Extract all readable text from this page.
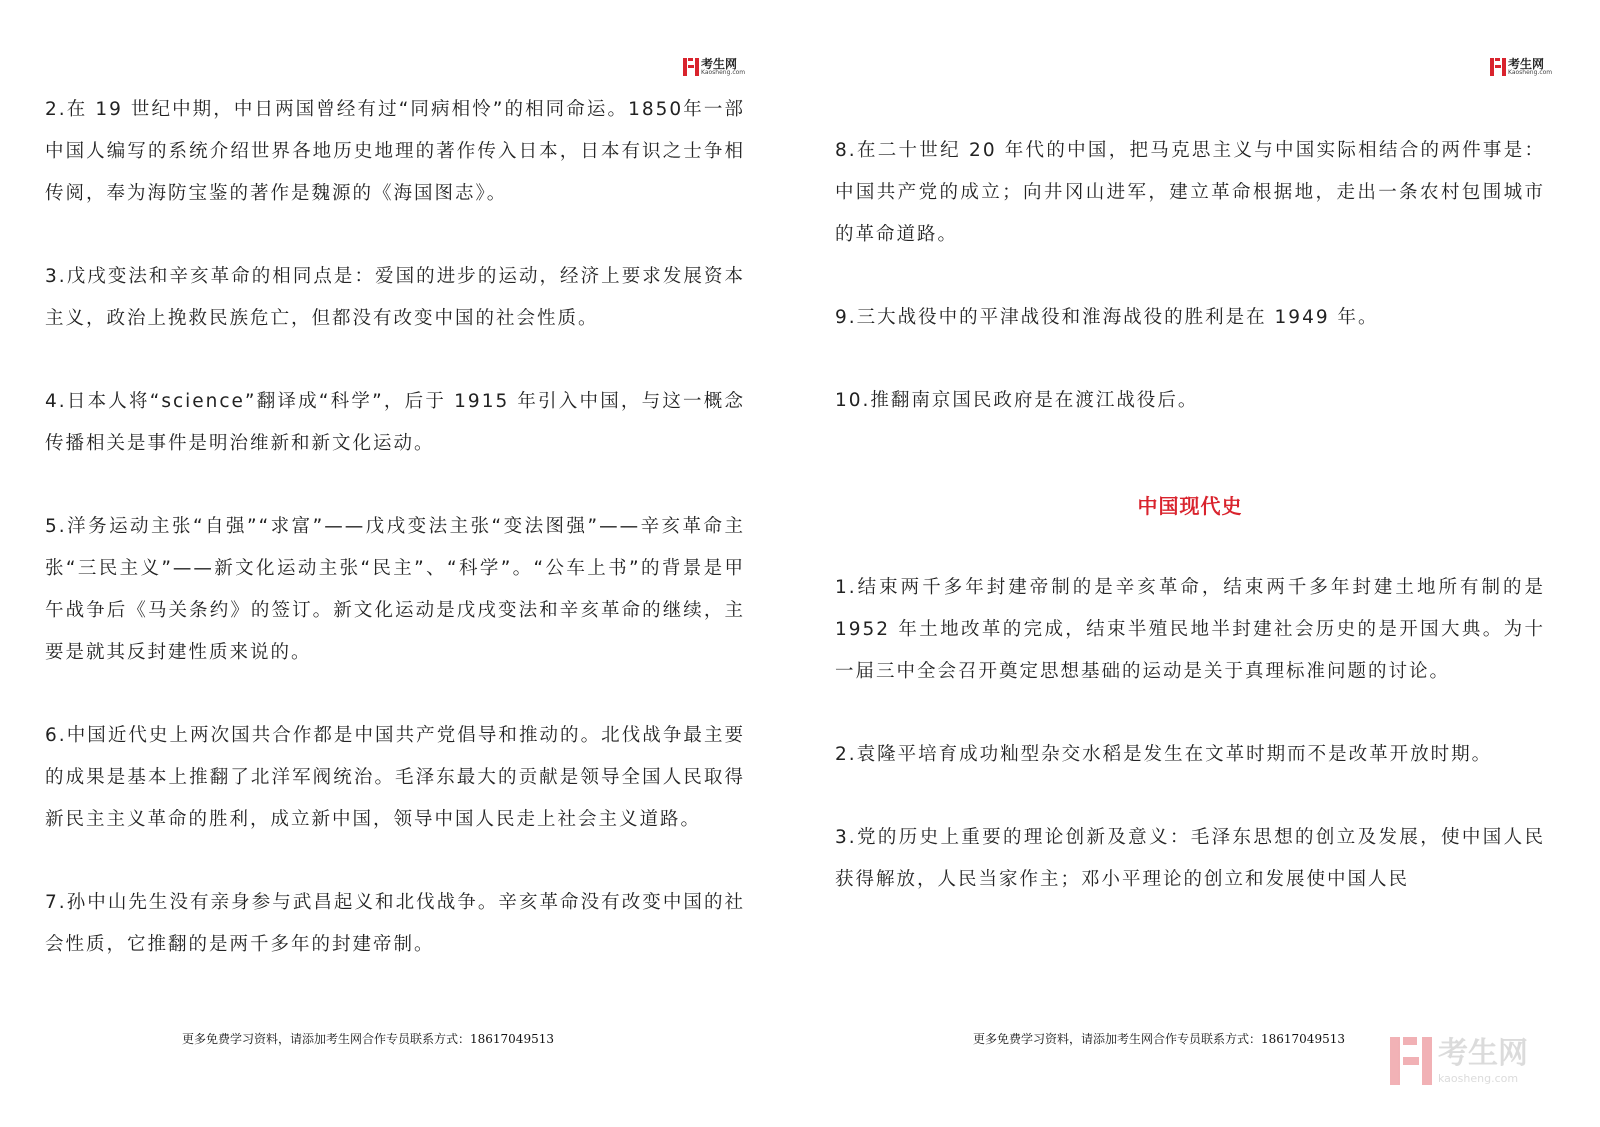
考生网
Kaosheng.com

2.在 19 世纪中期，中日两国曾经有过“同病相怜”的相同命运。1850年一部中国人编写的系统介绍世界各地历史地理的著作传入日本，日本有识之士争相传阅，奉为海防宝鉴的著作是魏源的《海国图志》。

3.戊戌变法和辛亥革命的相同点是：爱国的进步的运动，经济上要求发展资本主义，政治上挽救民族危亡，但都没有改变中国的社会性质。

4.日本人将“science”翻译成“科学”，后于 1915 年引入中国，与这一概念传播相关是事件是明治维新和新文化运动。

5.洋务运动主张“自强”“求富”——戊戌变法主张“变法图强”——辛亥革命主张“三民主义”——新文化运动主张“民主”、“科学”。“公车上书”的背景是甲午战争后《马关条约》的签订。新文化运动是戊戌变法和辛亥革命的继续，主要是就其反封建性质来说的。

6.中国近代史上两次国共合作都是中国共产党倡导和推动的。北伐战争最主要的成果是基本上推翻了北洋军阀统治。毛泽东最大的贡献是领导全国人民取得新民主主义革命的胜利，成立新中国，领导中国人民走上社会主义道路。

7.孙中山先生没有亲身参与武昌起义和北伐战争。辛亥革命没有改变中国的社会性质，它推翻的是两千多年的封建帝制。

更多免费学习资料，请添加考生网合作专员联系方式：18617049513
考生网
Kaosheng.com

8.在二十世纪 20 年代的中国，把马克思主义与中国实际相结合的两件事是：中国共产党的成立；向井冈山进军，建立革命根据地，走出一条农村包围城市的革命道路。

9.三大战役中的平津战役和淮海战役的胜利是在 1949 年。

10.推翻南京国民政府是在渡江战役后。

中国现代史

1.结束两千多年封建帝制的是辛亥革命，结束两千多年封建土地所有制的是 1952 年土地改革的完成，结束半殖民地半封建社会历史的是开国大典。为十一届三中全会召开奠定思想基础的运动是关于真理标准问题的讨论。

2.袁隆平培育成功籼型杂交水稻是发生在文革时期而不是改革开放时期。

3.党的历史上重要的理论创新及意义：毛泽东思想的创立及发展，使中国人民获得解放，人民当家作主；邓小平理论的创立和发展使中国人民

更多免费学习资料，请添加考生网合作专员联系方式：18617049513	考生网
kaosheng.com
